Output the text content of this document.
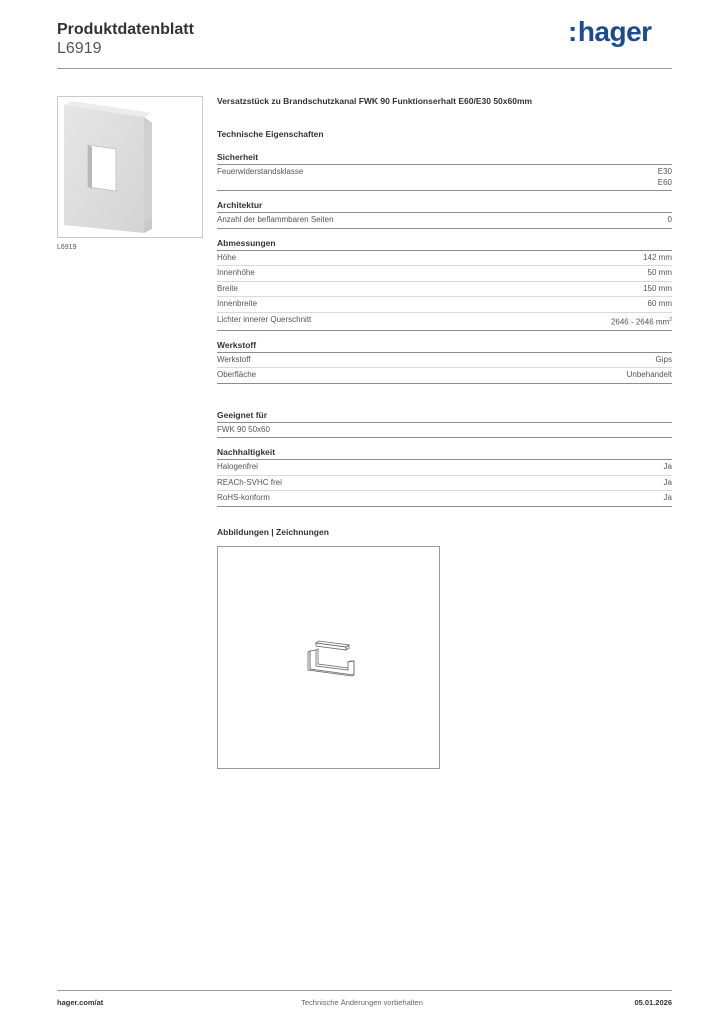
Produktdatenblatt
L6919
:hager
L6919
Versatzstück zu Brandschutzkanal FWK 90 Funktionserhalt E60/E30 50x60mm
Technische Eigenschaften
Sicherheit
Feuerwiderstandsklasse	E30
E60
Architektur
Anzahl der beflammbaren Seiten	0
Abmessungen
Höhe	142 mm
Innenhöhe	50 mm
Breite	150 mm
Innenbreite	60 mm
Lichter innerer Querschnitt	2646 - 2646 $mm^2$
Werkstoff
Werkstoff	Gips
Oberfläche	Unbehandelt
Geeignet für
FWK 90 50x60
Nachhaltigkeit
Halogenfrei	Ja
REACh-SVHC frei	Ja
RoHS-konform	Ja
Abbildungen | Zeichnungen
hager.com/at	Technische Änderungen vorbehalten	05.01.2026
